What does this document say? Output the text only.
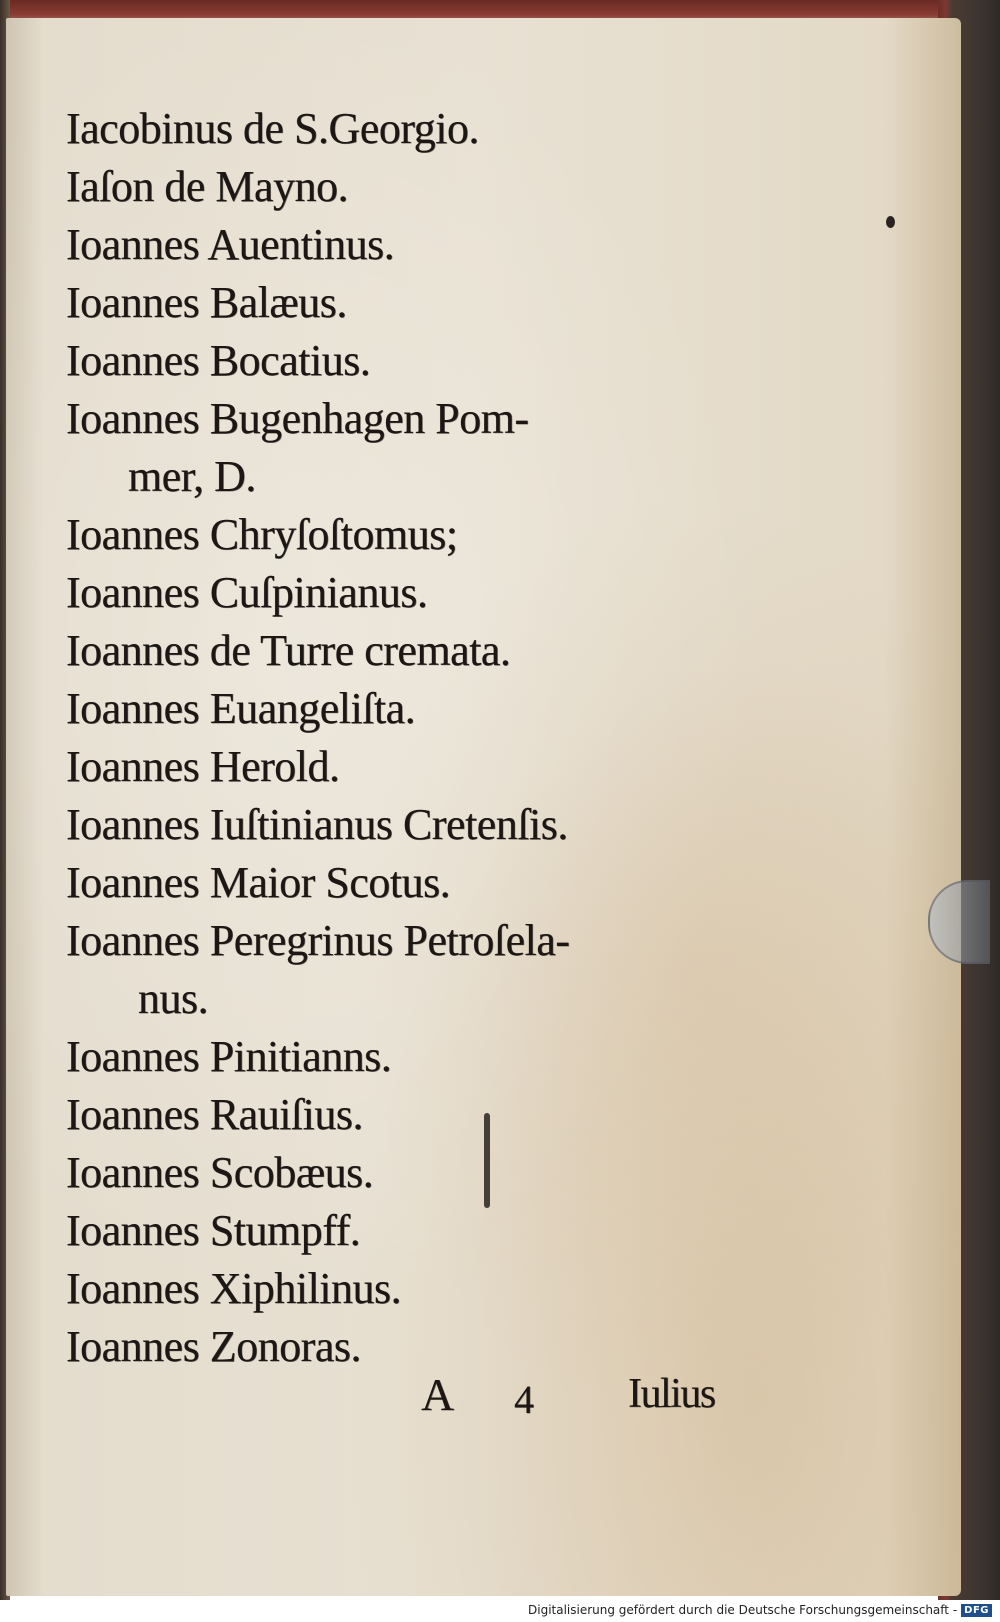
Iacobinus de S.Georgio.
Iaſon de Mayno.
Ioannes Auentinus.
Ioannes Balæus.
Ioannes Bocatius.
Ioannes Bugenhagen Pom-
mer, D.
Ioannes Chryſoſtomus;
Ioannes Cuſpinianus.
Ioannes de Turre cremata.
Ioannes Euangeliſta.
Ioannes Herold.
Ioannes Iuſtinianus Cretenſis.
Ioannes Maior Scotus.
Ioannes Peregrinus Petroſela-
nus.
Ioannes Pinitianns.
Ioannes Rauiſius.
Ioannes Scobæus.
Ioannes Stumpff.
Ioannes Xiphilinus.
Ioannes Zonoras.
A 4 Iulius
Digitalisierung gefördert durch die Deutsche Forschungsgemeinschaft - DFG
